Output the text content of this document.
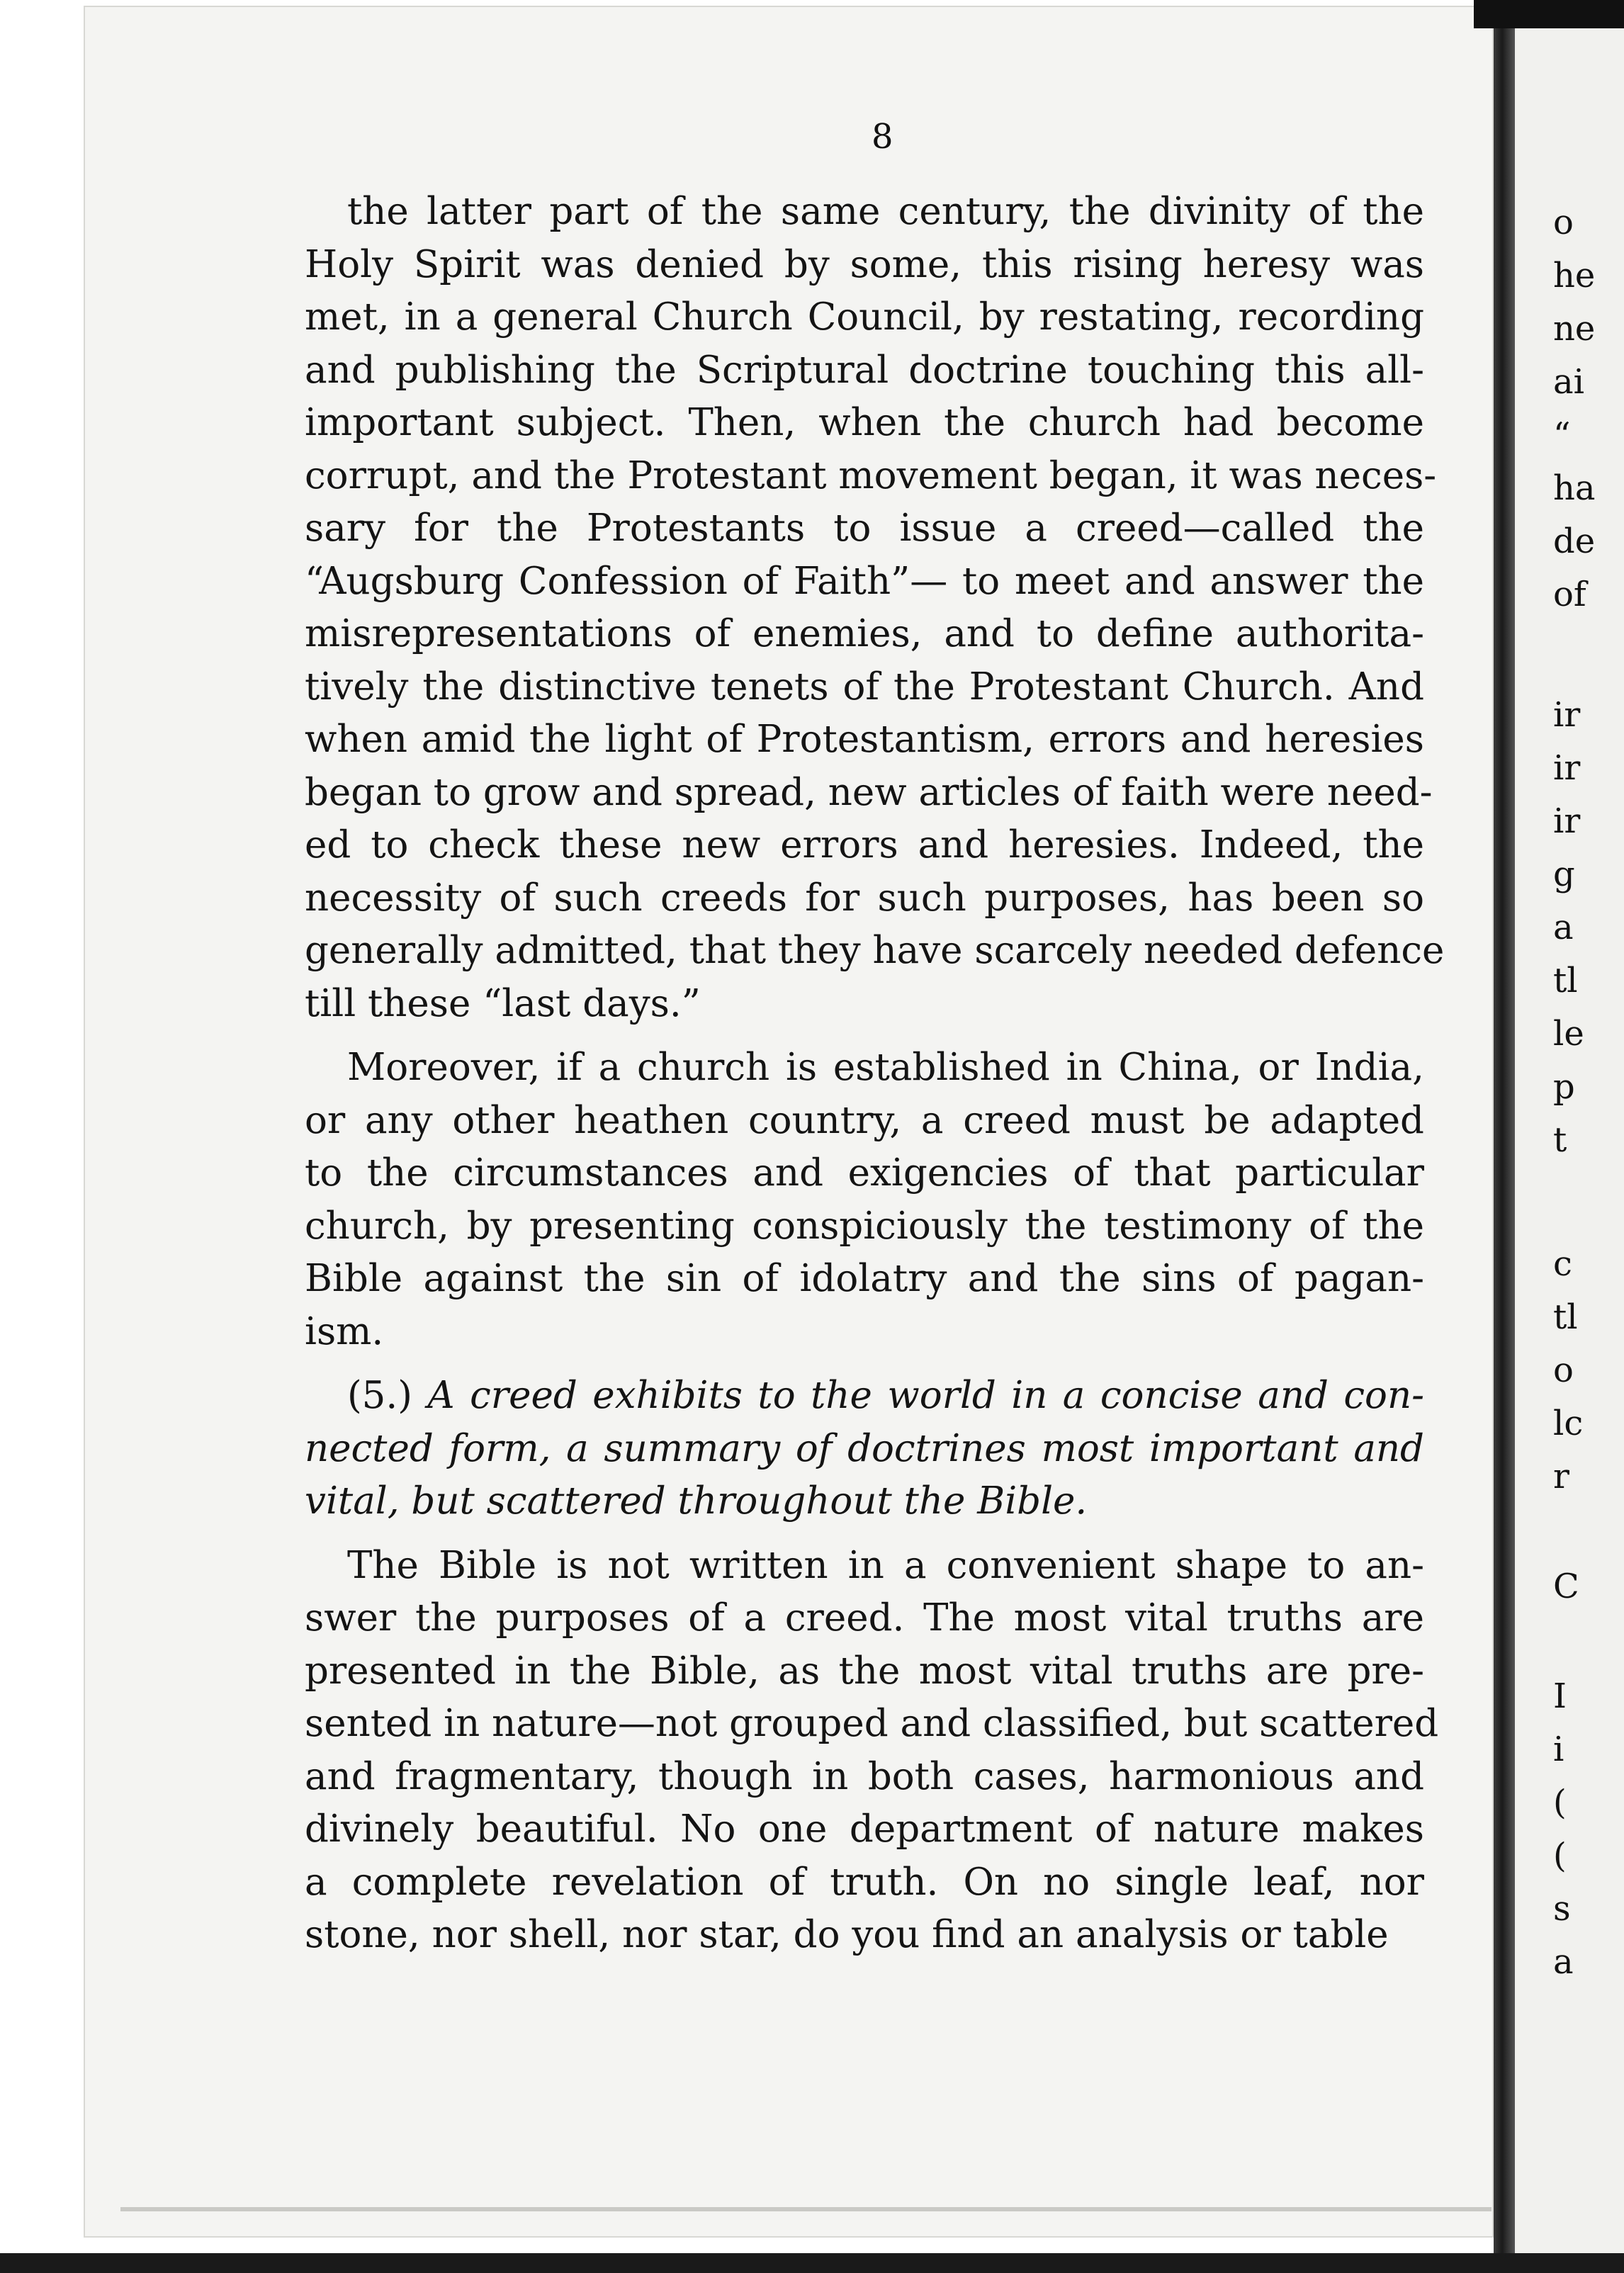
8
the latter part of the same century, the divinity of the
Holy Spirit was denied by some, this rising heresy was
met, in a general Church Council, by restating, recording
and publishing the Scriptural doctrine touching this all-
important subject. Then, when the church had become
corrupt, and the Protestant movement began, it was neces-
sary for the Protestants to issue a creed—called the
“Augsburg Confession of Faith”— to meet and answer the
misrepresentations of enemies, and to define authorita-
tively the distinctive tenets of the Protestant Church. And
when amid the light of Protestantism, errors and heresies
began to grow and spread, new articles of faith were need-
ed to check these new errors and heresies. Indeed, the
necessity of such creeds for such purposes, has been so
generally admitted, that they have scarcely needed defence
till these “last days.”
Moreover, if a church is established in China, or India,
or any other heathen country, a creed must be adapted
to the circumstances and exigencies of that particular
church, by presenting conspiciously the testimony of the
Bible against the sin of idolatry and the sins of pagan-
ism.
(5.) A creed exhibits to the world in a concise and con-
nected form, a summary of doctrines most important and
vital, but scattered throughout the Bible.
The Bible is not written in a convenient shape to an-
swer the purposes of a creed. The most vital truths are
presented in the Bible, as the most vital truths are pre-
sented in nature—not grouped and classified, but scattered
and fragmentary, though in both cases, harmonious and
divinely beautiful. No one department of nature makes
a complete revelation of truth. On no single leaf, nor
stone, nor shell, nor star, do you find an analysis or table
o
he
ne
ai
“
ha
de
of
ir
ir
ir
g
a
tl
le
p
t
c
tl
o
lc
r
C
I
i
(
(
s
a
